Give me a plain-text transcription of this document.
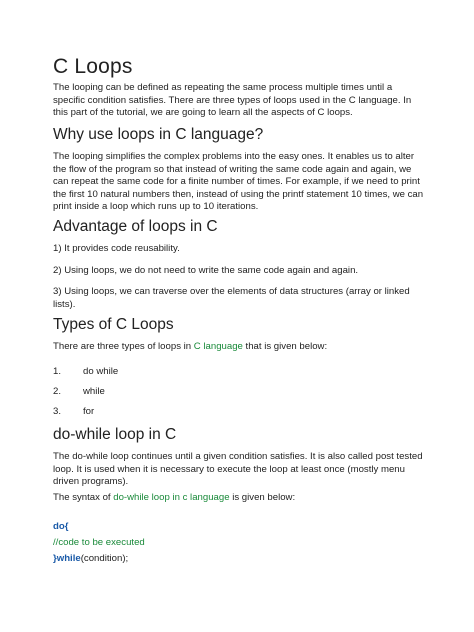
C Loops

The looping can be defined as repeating the same process multiple times until a specific condition satisfies. There are three types of loops used in the C language. In this part of the tutorial, we are going to learn all the aspects of C loops.

Why use loops in C language?

The looping simplifies the complex problems into the easy ones. It enables us to alter the flow of the program so that instead of writing the same code again and again, we can repeat the same code for a finite number of times. For example, if we need to print the first 10 natural numbers then, instead of using the printf statement 10 times, we can print inside a loop which runs up to 10 iterations.

Advantage of loops in C

1) It provides code reusability.

2) Using loops, we do not need to write the same code again and again.

3) Using loops, we can traverse over the elements of data structures (array or linked lists).

Types of C Loops

There are three types of loops in C language that is given below:

1. do while
2. while
3. for
do-while loop in C

The do-while loop continues until a given condition satisfies. It is also called post tested loop. It is used when it is necessary to execute the loop at least once (mostly menu driven programs).

The syntax of do-while loop in c language is given below:

do{
//code to be executed
}while(condition);
